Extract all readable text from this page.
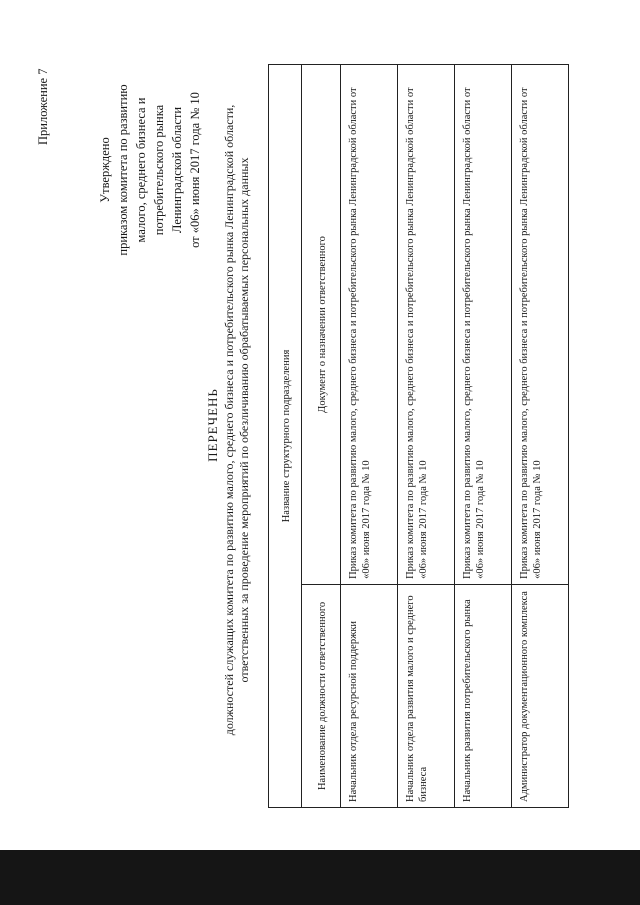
Приложение 7
Утверждено приказом комитета по развитию малого, среднего бизнеса и потребительского рынка Ленинградской области от «06» июня 2017 года № 10
ПЕРЕЧЕНЬ должностей служащих комитета по развитию малого, среднего бизнеса и потребительского рынка Ленинградской области, ответственных за проведение мероприятий по обезличиванию обрабатываемых персональных данных	Название структурного подразделения	
Наименование должности ответственного	Документ о назначении ответственного
Начальник отдела ресурсной поддержки	Приказ комитета по развитию малого, среднего бизнеса и потребительского рынка Ленинградской области от «06» июня 2017 года № 10
Начальник отдела развития малого и среднего бизнеса	Приказ комитета по развитию малого, среднего бизнеса и потребительского рынка Ленинградской области от «06» июня 2017 года № 10
Начальник развития потребительского рынка	Приказ комитета по развитию малого, среднего бизнеса и потребительского рынка Ленинградской области от «06» июня 2017 года № 10
Администратор документационного комплекса	Приказ комитета по развитию малого, среднего бизнеса и потребительского рынка Ленинградской области от «06» июня 2017 года № 10
